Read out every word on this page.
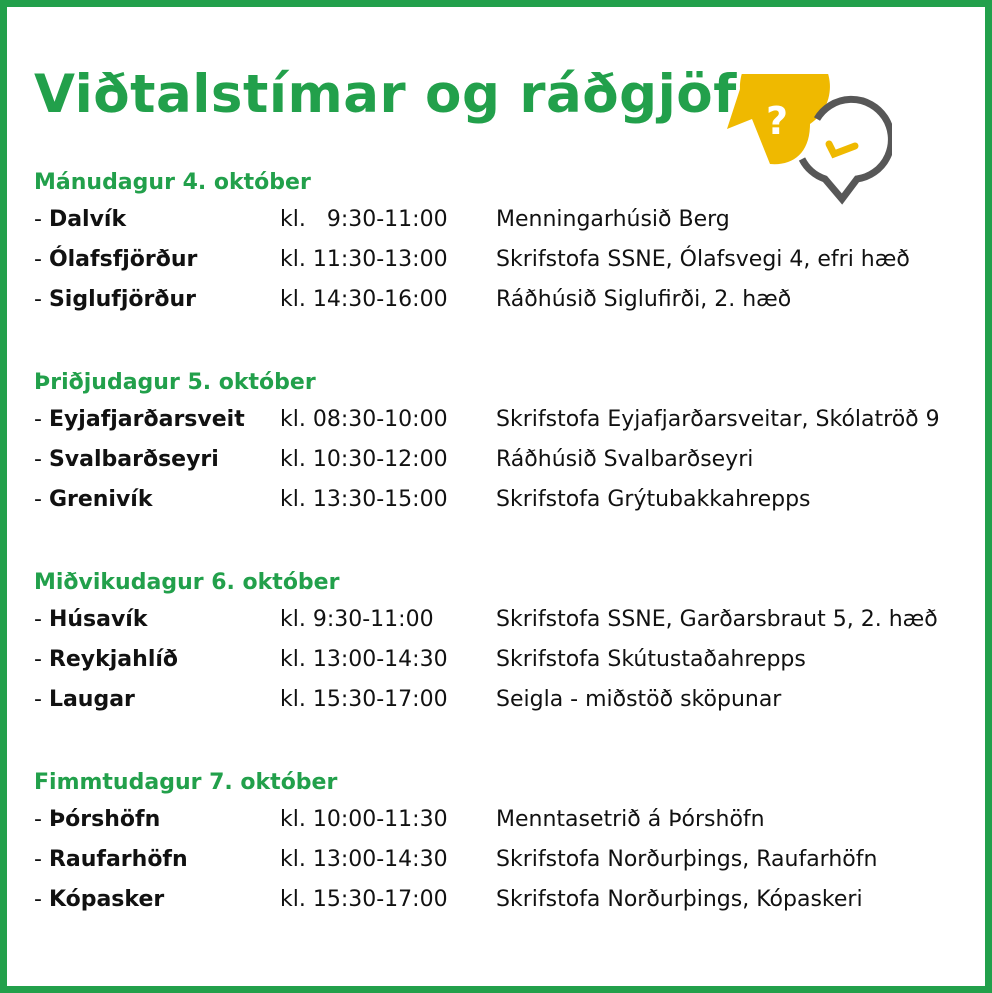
Viðtalstímar og ráðgjöf ?
Mánudagur 4. október
- Dalvík	kl.   9:30-11:00 Menningarhúsið Berg
- Ólafsfjörður	kl. 11:30-13:00 Skrifstofa SSNE, Ólafsvegi 4, efri hæð
- Siglufjörður	kl. 14:30-16:00 Ráðhúsið Siglufirði, 2. hæð
Þriðjudagur 5. október
- Eyjafjarðarsveit kl. 08:30-10:00 Skrifstofa Eyjafjarðarsveitar, Skólatröð 9
- Svalbarðseyri	kl. 10:30-12:00 Ráðhúsið Svalbarðseyri
- Grenivík	kl. 13:30-15:00 Skrifstofa Grýtubakkahrepps
Miðvikudagur 6. október
- Húsavík	kl. 9:30-11:00	Skrifstofa SSNE, Garðarsbraut 5, 2. hæð
- Reykjahlíð	kl. 13:00-14:30 Skrifstofa Skútustaðahrepps
- Laugar	kl. 15:30-17:00 Seigla - miðstöð sköpunar
Fimmtudagur 7. október
- Þórshöfn	kl. 10:00-11:30 Menntasetrið á Þórshöfn
- Raufarhöfn	kl. 13:00-14:30 Skrifstofa Norðurþings, Raufarhöfn
- Kópasker	kl. 15:30-17:00 Skrifstofa Norðurþings, Kópaskeri
